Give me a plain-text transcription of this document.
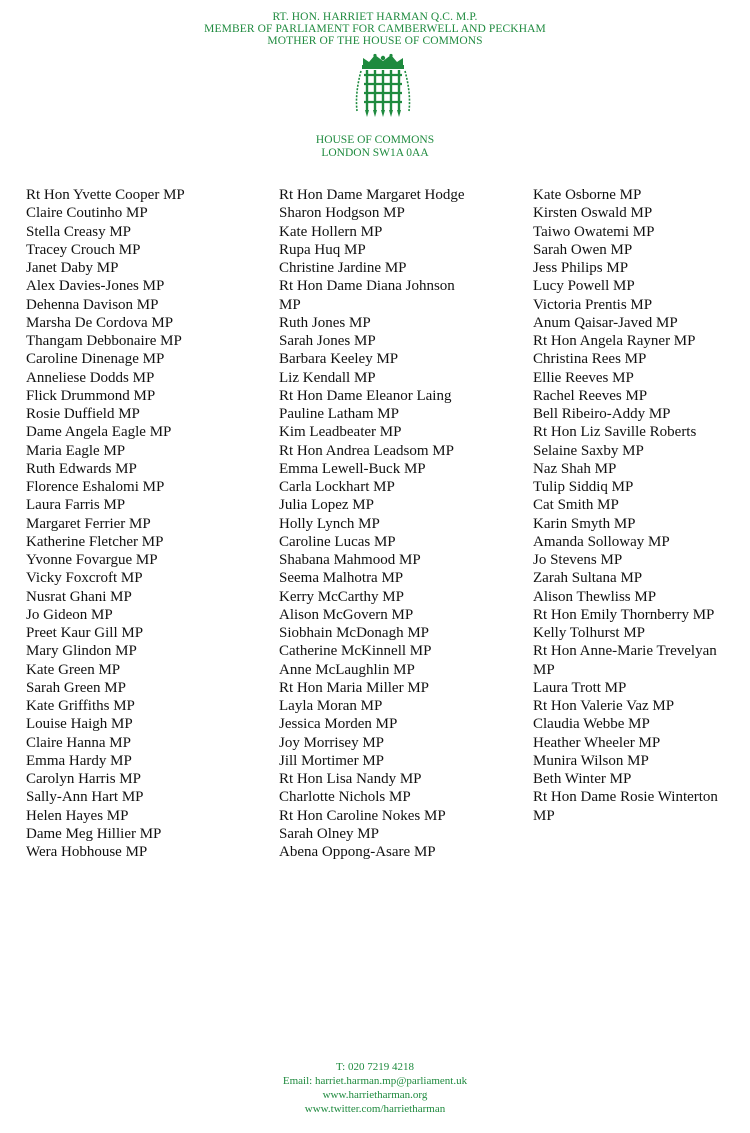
RT. HON. HARRIET HARMAN Q.C. M.P.
MEMBER OF PARLIAMENT FOR CAMBERWELL AND PECKHAM
MOTHER OF THE HOUSE OF COMMONS
HOUSE OF COMMONS
LONDON SW1A 0AA
Rt Hon Yvette Cooper MP
Claire Coutinho MP
Stella Creasy MP
Tracey Crouch MP
Janet Daby MP
Alex Davies-Jones MP
Dehenna Davison MP
Marsha De Cordova MP
Thangam Debbonaire MP
Caroline Dinenage MP
Anneliese Dodds MP
Flick Drummond MP
Rosie Duffield MP
Dame Angela Eagle MP
Maria Eagle MP
Ruth Edwards MP
Florence Eshalomi MP
Laura Farris MP
Margaret Ferrier MP
Katherine Fletcher MP
Yvonne Fovargue MP
Vicky Foxcroft MP
Nusrat Ghani MP
Jo Gideon MP
Preet Kaur Gill MP
Mary Glindon MP
Kate Green MP
Sarah Green MP
Kate Griffiths MP
Louise Haigh MP
Claire Hanna MP
Emma Hardy MP
Carolyn Harris MP
Sally-Ann Hart MP
Helen Hayes MP
Dame Meg Hillier MP
Wera Hobhouse MP
Rt Hon Dame Margaret Hodge
Sharon Hodgson MP
Kate Hollern MP
Rupa Huq MP
Christine Jardine MP
Rt Hon Dame Diana Johnson
MP
Ruth Jones MP
Sarah Jones MP
Barbara Keeley MP
Liz Kendall MP
Rt Hon Dame Eleanor Laing
Pauline Latham MP
Kim Leadbeater MP
Rt Hon Andrea Leadsom MP
Emma Lewell-Buck MP
Carla Lockhart MP
Julia Lopez MP
Holly Lynch MP
Caroline Lucas MP
Shabana Mahmood MP
Seema Malhotra MP
Kerry McCarthy MP
Alison McGovern MP
Siobhain McDonagh MP
Catherine McKinnell MP
Anne McLaughlin MP
Rt Hon Maria Miller MP
Layla Moran MP
Jessica Morden MP
Joy Morrisey MP
Jill Mortimer MP
Rt Hon Lisa Nandy MP
Charlotte Nichols MP
Rt Hon Caroline Nokes MP
Sarah Olney MP
Abena Oppong-Asare MP
Kate Osborne MP
Kirsten Oswald MP
Taiwo Owatemi MP
Sarah Owen MP
Jess Philips MP
Lucy Powell MP
Victoria Prentis MP
Anum Qaisar-Javed MP
Rt Hon Angela Rayner MP
Christina Rees MP
Ellie Reeves MP
Rachel Reeves MP
Bell Ribeiro-Addy MP
Rt Hon Liz Saville Roberts
Selaine Saxby MP
Naz Shah MP
Tulip Siddiq MP
Cat Smith MP
Karin Smyth MP
Amanda Solloway MP
Jo Stevens MP
Zarah Sultana MP
Alison Thewliss MP
Rt Hon Emily Thornberry MP
Kelly Tolhurst MP
Rt Hon Anne-Marie Trevelyan
MP
Laura Trott MP
Rt Hon Valerie Vaz MP
Claudia Webbe MP
Heather Wheeler MP
Munira Wilson MP
Beth Winter MP
Rt Hon Dame Rosie Winterton
MP
T: 020 7219 4218
Email: harriet.harman.mp@parliament.uk
www.harrietharman.org
www.twitter.com/harrietharman
